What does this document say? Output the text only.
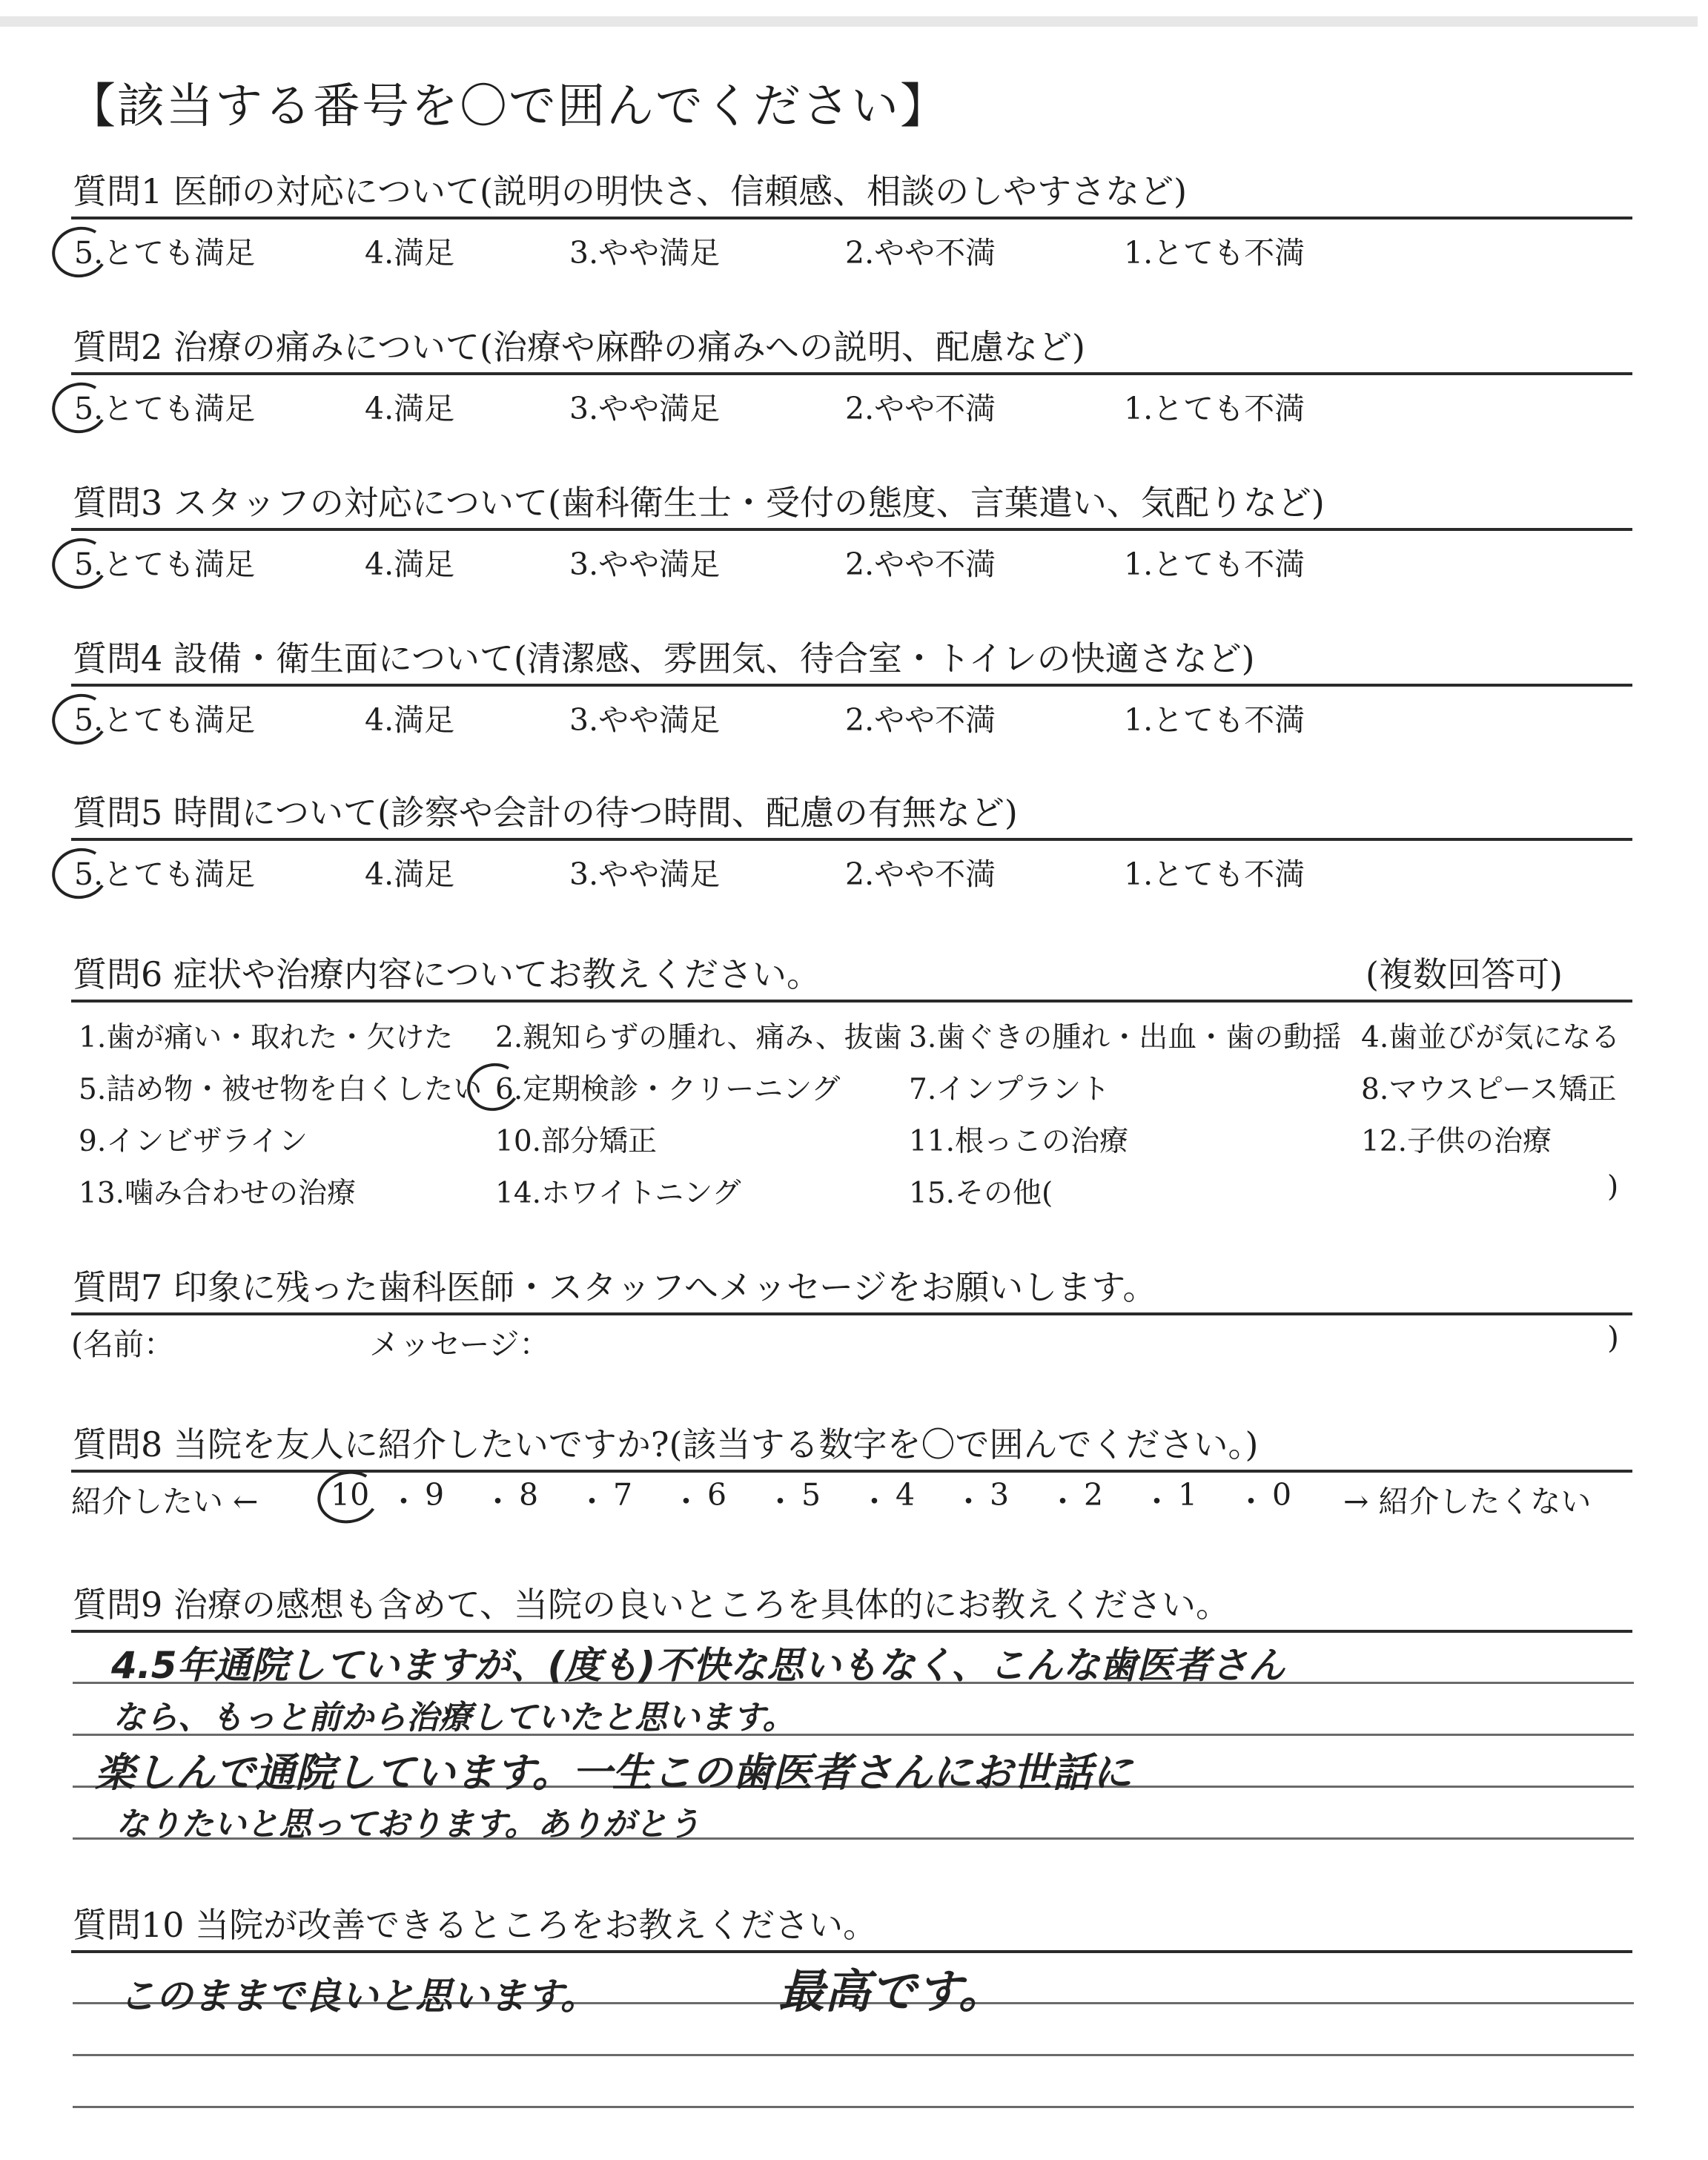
【該当する番号を〇で囲んでください】
質問1 医師の対応について(説明の明快さ、信頼感、相談のしやすさなど)
5.とても満足	4.満足	3.やや満足	2.やや不満	1.とても不満
質問2 治療の痛みについて(治療や麻酔の痛みへの説明、配慮など)
5.とても満足	4.満足	3.やや満足	2.やや不満	1.とても不満
質問3 スタッフの対応について(歯科衛生士・受付の態度、言葉遣い、気配りなど)
5.とても満足	4.満足	3.やや満足	2.やや不満	1.とても不満
質問4 設備・衛生面について(清潔感、雰囲気、待合室・トイレの快適さなど)
5.とても満足	4.満足	3.やや満足	2.やや不満	1.とても不満
質問5 時間について(診察や会計の待つ時間、配慮の有無など)
5.とても満足	4.満足	3.やや満足	2.やや不満	1.とても不満
質問6 症状や治療内容についてお教えください。	(複数回答可)
1.歯が痛い・取れた・欠けた 2.親知らずの腫れ、痛み、抜歯 3.歯ぐきの腫れ・出血・歯の動揺 4.歯並びが気になる
5.詰め物・被せ物を白くしたい 6.定期検診・クリーニング 7.インプラント	8.マウスピース矯正
9.インビザライン	10.部分矯正	11.根っこの治療	12.子供の治療
13.噛み合わせの治療	14.ホワイトニング	15.その他(	)
質問7 印象に残った歯科医師・スタッフへメッセージをお願いします。
(名前：	メッセージ：	)
質問8 当院を友人に紹介したいですか?(該当する数字を〇で囲んでください。)
紹介したい ← 10 ・ 9 ・ 8 ・ 7 ・ 6 ・ 5 ・ 4 ・ 3 ・ 2 ・ 1 ・ 0 → 紹介したくない
質問9 治療の感想も含めて、当院の良いところを具体的にお教えください。
4.5年通院していますが、(度も)不快な思いもなく、こんな歯医者さん
なら、もっと前から治療していたと思います。
楽しんで通院しています。一生この歯医者さんにお世話に
なりたいと思っております。ありがとう
質問10 当院が改善できるところをお教えください。
このままで良いと思います。	最高です。
